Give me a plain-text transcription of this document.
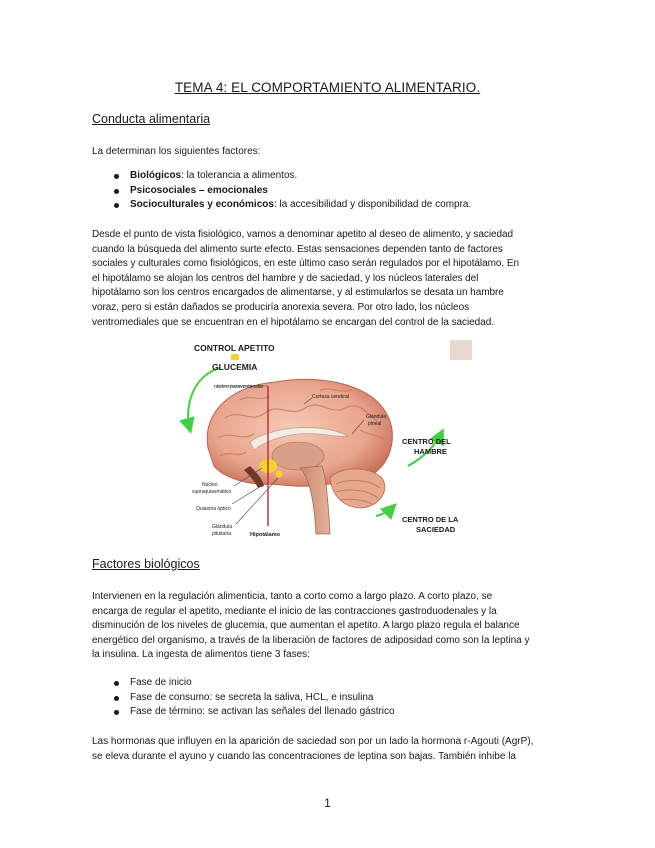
TEMA 4: EL COMPORTAMIENTO ALIMENTARIO.
Conducta alimentaria
La determinan los siguientes factores:
Biológicos: la tolerancia a alimentos.
Psicosociales – emocionales
Socioculturales y económicos: la accesibilidad y disponibilidad de compra.
Desde el punto de vista fisiológico, vamos a denominar apetito al deseo de alimento, y saciedad
cuando la búsqueda del alimento surte efecto. Estas sensaciones dependen tanto de factores
sociales y culturales como fisiológicos, en este último caso serán regulados por el hipotálamo. En
el hipotálamo se alojan los centros del hambre y de saciedad, y los núcleos laterales del
hipotálamo son los centros encargados de alimentarse, y al estimularlos se desata un hambre
voraz, pero si están dañados se produciría anorexia severa. Por otro lado, los núcleos
ventromediales que se encuentran en el hipotálamo se encargan del control de la saciedad.
CONTROL APETITO
GLUCEMIA
núcleo paraventricular
Corteza cerebral
Glándula
pineal
CENTRO DEL
HAMBRE
Núcleo
supraquiasmático
Quiasma óptico
Glándula
pituitaria	Hipotálamo
CENTRO DE LA
SACIEDAD
Factores biológicos
Intervienen en la regulación alimenticia, tanto a corto como a largo plazo. A corto plazo, se
encarga de regular el apetito, mediante el inicio de las contracciones gastroduodenales y la
disminución de los niveles de glucemia, que aumentan el apetito. A largo plazo regula el balance
energético del organismo, a través de la liberación de factores de adiposidad como son la leptina y
la insulina. La ingesta de alimentos tiene 3 fases:
Fase de inicio
Fase de consumo: se secreta la saliva, HCL, e insulina
Fase de término: se activan las señales del llenado gástrico
Las hormonas que influyen en la aparición de saciedad son por un lado la hormona r-Agouti (AgrP),
se eleva durante el ayuno y cuando las concentraciones de leptina son bajas. También inhibe la
1
